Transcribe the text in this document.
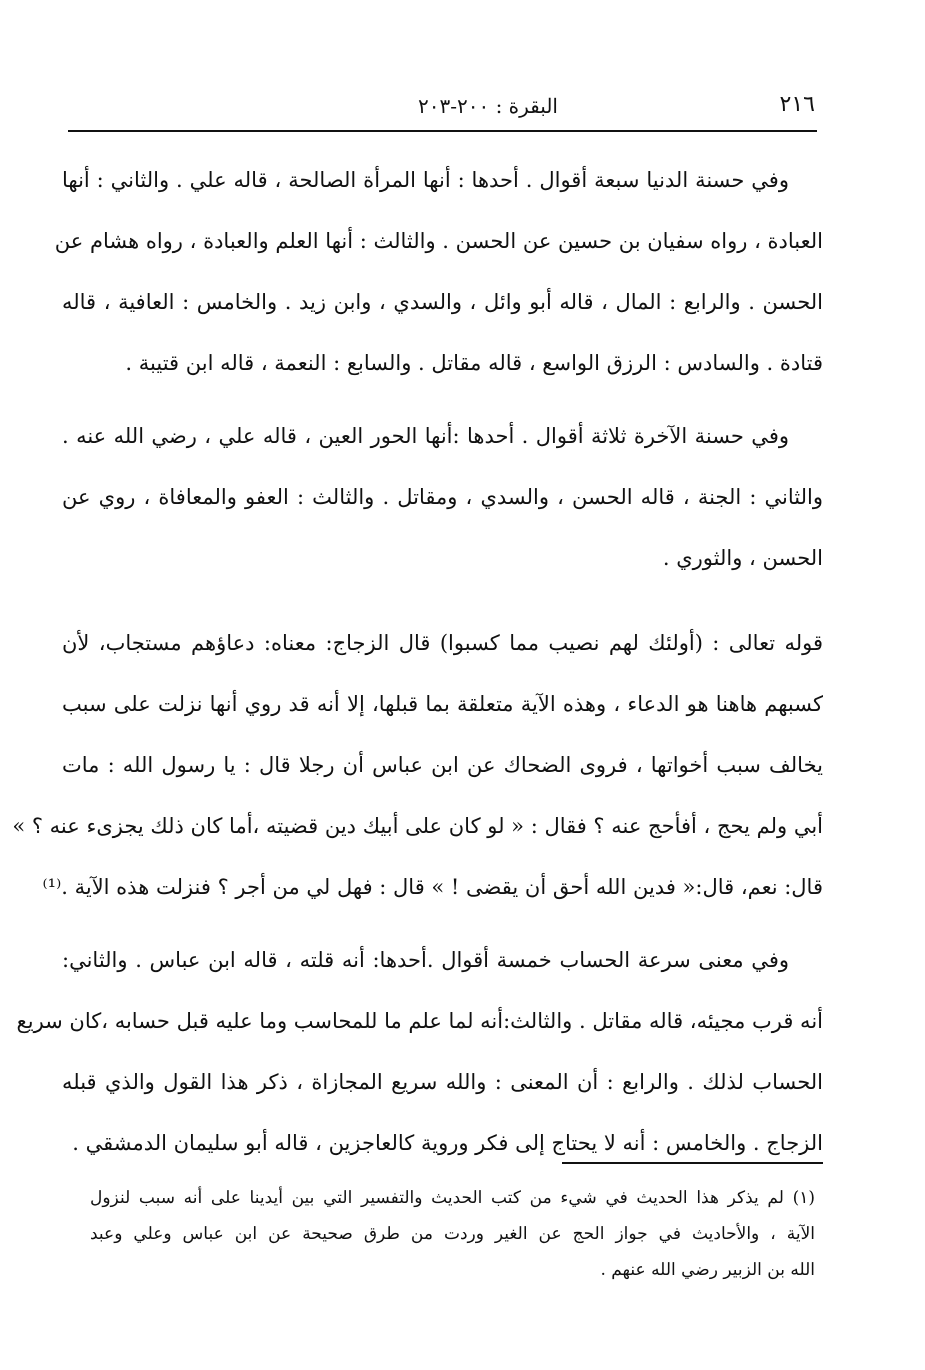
٢١٦
البقرة : ٢٠٠-٢٠٣
وفي حسنة الدنيا سبعة أقوال . أحدها : أنها المرأة الصالحة ، قاله علي . والثاني : أنها
العبادة ، رواه سفيان بن حسين عن الحسن . والثالث : أنها العلم والعبادة ، رواه هشام عن
الحسن . والرابع : المال ، قاله أبو وائل ، والسدي ، وابن زيد . والخامس : العافية ، قاله
قتادة . والسادس : الرزق الواسع ، قاله مقاتل . والسابع : النعمة ، قاله ابن قتيبة .
وفي حسنة الآخرة ثلاثة أقوال . أحدها :أنها الحور العين ، قاله علي ، رضي الله عنه .
والثاني : الجنة ، قاله الحسن ، والسدي ، ومقاتل . والثالث : العفو والمعافاة ، روي عن
الحسن ، والثوري .
قوله تعالى : (أولئك لهم نصيب مما كسبوا) قال الزجاج: معناه: دعاؤهم مستجاب، لأن
كسبهم هاهنا هو الدعاء ، وهذه الآية متعلقة بما قبلها، إلا أنه قد روي أنها نزلت على سبب
يخالف سبب أخواتها ، فروى الضحاك عن ابن عباس أن رجلا قال : يا رسول الله : مات
أبي ولم يحج ، أفأحج عنه ؟ فقال : « لو كان على أبيك دين قضيته ،أما كان ذلك يجزىء عنه ؟ »
قال: نعم، قال:« فدين الله أحق أن يقضى ! » قال : فهل لي من أجر ؟ فنزلت هذه الآية .⁽¹⁾
وفي معنى سرعة الحساب خمسة أقوال .أحدها: أنه قلته ، قاله ابن عباس . والثاني:
أنه قرب مجيئه، قاله مقاتل . والثالث:أنه لما علم ما للمحاسب وما عليه قبل حسابه ،كان سريع
الحساب لذلك . والرابع : أن المعنى : والله سريع المجازاة ، ذكر هذا القول والذي قبله
الزجاج . والخامس : أنه لا يحتاج إلى فكر وروية كالعاجزين ، قاله أبو سليمان الدمشقي .
(١) لم يذكر هذا الحديث في شيء من كتب الحديث والتفسير التي بين أيدينا على أنه سبب لنزول
الآية ، والأحاديث في جواز الحج عن الغير وردت من طرق صحيحة عن ابن عباس وعلي وعبد
الله بن الزبير رضي الله عنهم .
